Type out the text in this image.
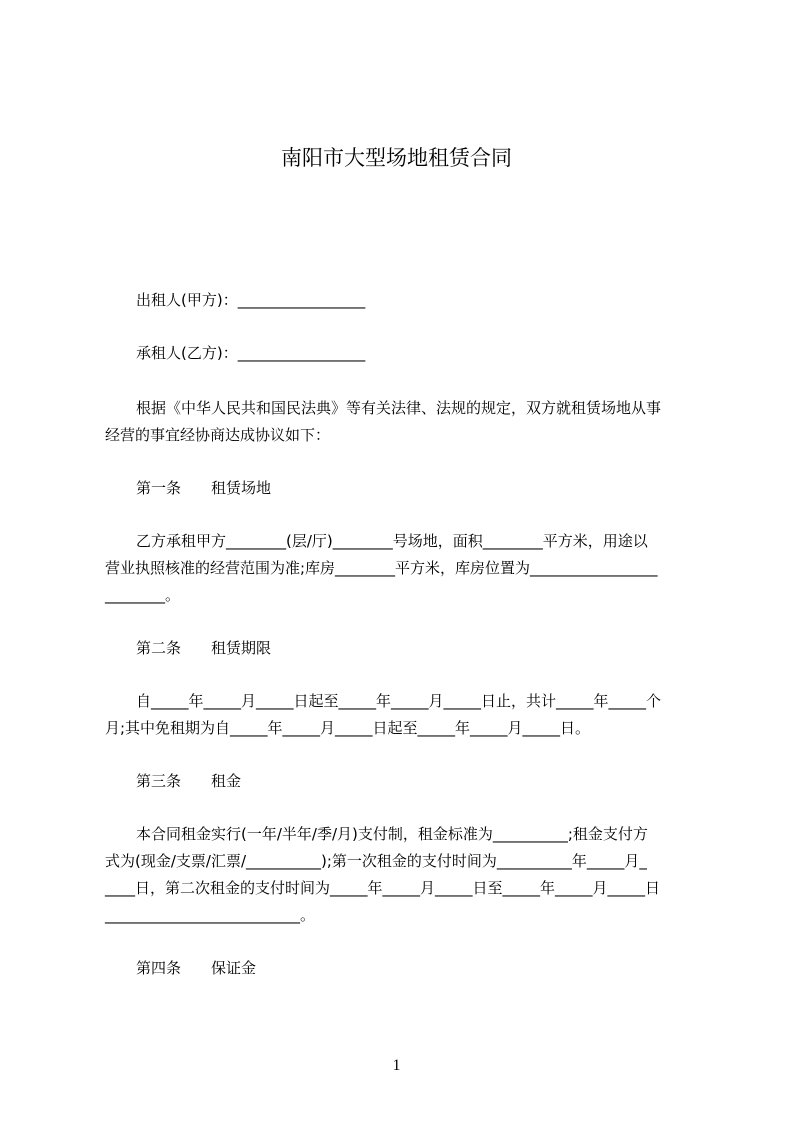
南阳市大型场地租赁合同
出租人(甲方)：_________________
承租人(乙方)：_________________
根据《中华人民共和国民法典》等有关法律、法规的规定，双方就租赁场地从事
经营的事宜经协商达成协议如下：
第一条　　租赁场地
乙方承租甲方________(层/厅)________号场地，面积________平方米，用途以
营业执照核准的经营范围为准;库房________平方米，库房位置为_________________
________。
第二条　　租赁期限
自_____年_____月_____日起至_____年_____月_____日止，共计_____年_____个
月;其中免租期为自_____年_____月_____日起至_____年_____月_____日。
第三条　　租金
本合同租金实行(一年/半年/季/月)支付制，租金标准为__________;租金支付方
式为(现金/支票/汇票/__________);第一次租金的支付时间为__________年_____月_
____日，第二次租金的支付时间为_____年_____月_____日至_____年_____月_____日
__________________________。
第四条　　保证金
1
